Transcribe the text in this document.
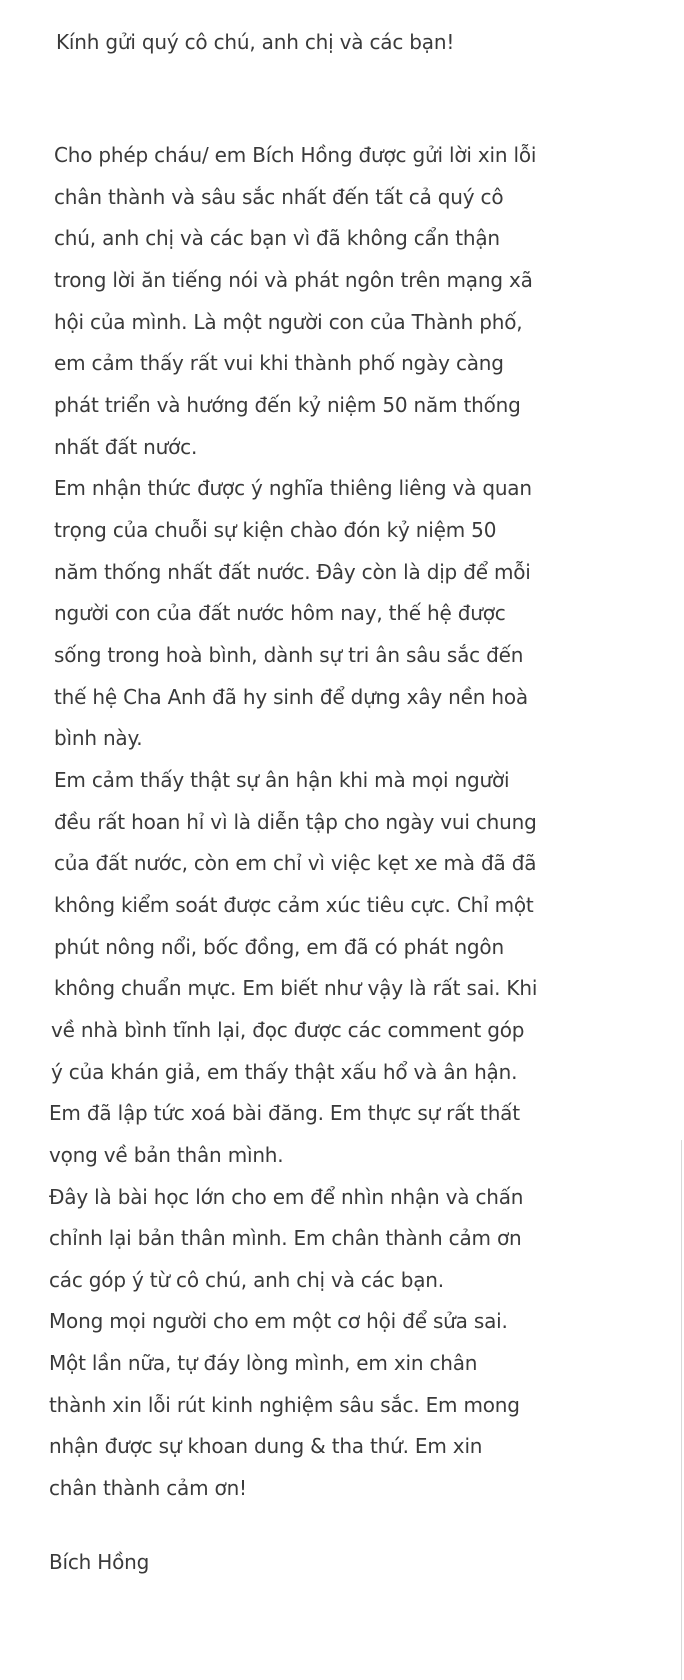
Kính gửi quý cô chú, anh chị và các bạn!
Bích Hồng
Cho phép cháu/ em Bích Hồng được gửi lời xin lỗi
chân thành và sâu sắc nhất đến tất cả quý cô
chú, anh chị và các bạn vì đã không cẩn thận
trong lời ăn tiếng nói và phát ngôn trên mạng xã
hội của mình. Là một người con của Thành phố,
em cảm thấy rất vui khi thành phố ngày càng
phát triển và hướng đến kỷ niệm 50 năm thống
nhất đất nước.
Em nhận thức được ý nghĩa thiêng liêng và quan
trọng của chuỗi sự kiện chào đón kỷ niệm 50
năm thống nhất đất nước. Đây còn là dịp để mỗi
người con của đất nước hôm nay, thế hệ được
sống trong hoà bình, dành sự tri ân sâu sắc đến
thế hệ Cha Anh đã hy sinh để dựng xây nền hoà
bình này.
Em cảm thấy thật sự ân hận khi mà mọi người
đều rất hoan hỉ vì là diễn tập cho ngày vui chung
của đất nước, còn em chỉ vì việc kẹt xe mà đã đã
không kiểm soát được cảm xúc tiêu cực. Chỉ một
phút nông nổi, bốc đồng, em đã có phát ngôn
không chuẩn mực. Em biết như vậy là rất sai. Khi
về nhà bình tĩnh lại, đọc được các comment góp
ý của khán giả, em thấy thật xấu hổ và ân hận.
Em đã lập tức xoá bài đăng. Em thực sự rất thất
vọng về bản thân mình.
Đây là bài học lớn cho em để nhìn nhận và chấn
chỉnh lại bản thân mình. Em chân thành cảm ơn
các góp ý từ cô chú, anh chị và các bạn.
Mong mọi người cho em một cơ hội để sửa sai.
Một lần nữa, tự đáy lòng mình, em xin chân
thành xin lỗi rút kinh nghiệm sâu sắc. Em mong
nhận được sự khoan dung & tha thứ. Em xin
chân thành cảm ơn!
